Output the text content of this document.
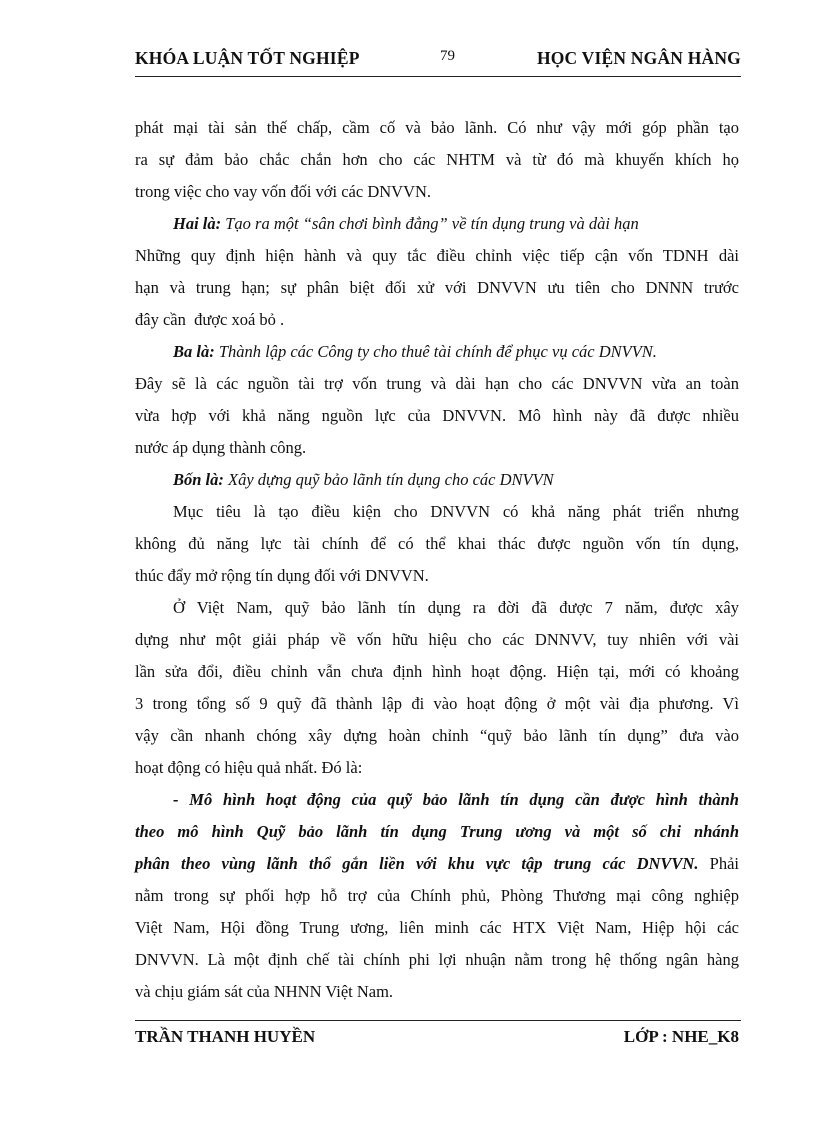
KHÓA LUẬN TỐT NGHIỆP	79	HỌC VIỆN NGÂN HÀNG
phát mại tài sản thế chấp, cầm cố và bảo lãnh. Có như vậy mới góp phần tạo
ra sự đảm bảo chắc chắn hơn cho các NHTM và từ đó mà khuyến khích họ
trong việc cho vay vốn đối với các DNVVN.
Hai là: Tạo ra một “sân chơi bình đẳng” về tín dụng trung và dài hạn
Những quy định hiện hành và quy tắc điều chỉnh việc tiếp cận vốn TDNH dài
hạn và trung hạn; sự phân biệt đối xử với DNVVN ưu tiên cho DNNN trước
đây cần  được xoá bỏ .
Ba là: Thành lập các Công ty cho thuê tài chính để phục vụ các DNVVN.
Đây sẽ là các nguồn tài trợ vốn trung và dài hạn cho các DNVVN vừa an toàn
vừa hợp với khả năng nguồn lực của DNVVN. Mô hình này đã được nhiều
nước áp dụng thành công.
Bốn là: Xây dựng quỹ bảo lãnh tín dụng cho các DNVVN
Mục tiêu là tạo điều kiện cho DNVVN có khả năng phát triển nhưng
không đủ năng lực tài chính để có thể khai thác được nguồn vốn tín dụng,
thúc đẩy mở rộng tín dụng đối với DNVVN.
Ở Việt Nam, quỹ bảo lãnh tín dụng ra đời đã được 7 năm, được xây
dựng như một giải pháp về vốn hữu hiệu cho các DNNVV, tuy nhiên với vài
lần sửa đổi, điều chỉnh vẫn chưa định hình hoạt động. Hiện tại, mới có khoảng
3 trong tổng số 9 quỹ đã thành lập đi vào hoạt động ở một vài địa phương. Vì
vậy cần nhanh chóng xây dựng hoàn chỉnh “quỹ bảo lãnh tín dụng” đưa vào
hoạt động có hiệu quả nhất. Đó là:
- Mô hình hoạt động của quỹ bảo lãnh tín dụng cần được hình thành
theo mô hình Quỹ bảo lãnh tín dụng Trung ương và một số chi nhánh
phân theo vùng lãnh thổ gắn liền với khu vực tập trung các DNVVN. Phải
nằm trong sự phối hợp hỗ trợ của Chính phủ, Phòng Thương mại công nghiệp
Việt Nam, Hội đồng Trung ương, liên minh các HTX Việt Nam, Hiệp hội các
DNVVN. Là một định chế tài chính phi lợi nhuận nằm trong hệ thống ngân hàng
và chịu giám sát của NHNN Việt Nam.
TRẦN THANH HUYỀN	LỚP : NHE_K8
